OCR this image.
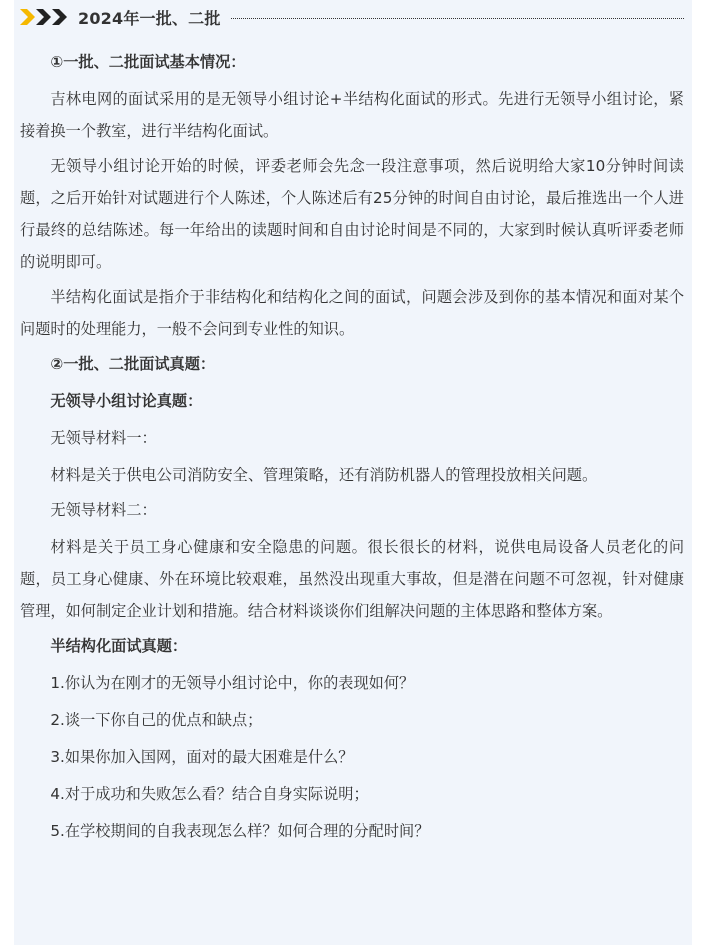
2024年一批、二批
①一批、二批面试基本情况：
吉林电网的面试采用的是无领导小组讨论+半结构化面试的形式。先进行无领导小组讨论，紧接着换一个教室，进行半结构化面试。
无领导小组讨论开始的时候，评委老师会先念一段注意事项，然后说明给大家10分钟时间读题，之后开始针对试题进行个人陈述，个人陈述后有25分钟的时间自由讨论，最后推选出一个人进行最终的总结陈述。每一年给出的读题时间和自由讨论时间是不同的，大家到时候认真听评委老师的说明即可。
半结构化面试是指介于非结构化和结构化之间的面试，问题会涉及到你的基本情况和面对某个问题时的处理能力，一般不会问到专业性的知识。
②一批、二批面试真题：
无领导小组讨论真题：
无领导材料一：
材料是关于供电公司消防安全、管理策略，还有消防机器人的管理投放相关问题。
无领导材料二：
材料是关于员工身心健康和安全隐患的问题。很长很长的材料，说供电局设备人员老化的问题，员工身心健康、外在环境比较艰难，虽然没出现重大事故，但是潜在问题不可忽视，针对健康管理，如何制定企业计划和措施。结合材料谈谈你们组解决问题的主体思路和整体方案。
半结构化面试真题：
1.你认为在刚才的无领导小组讨论中，你的表现如何？
2.谈一下你自己的优点和缺点；
3.如果你加入国网，面对的最大困难是什么？
4.对于成功和失败怎么看？结合自身实际说明；
5.在学校期间的自我表现怎么样？如何合理的分配时间？
